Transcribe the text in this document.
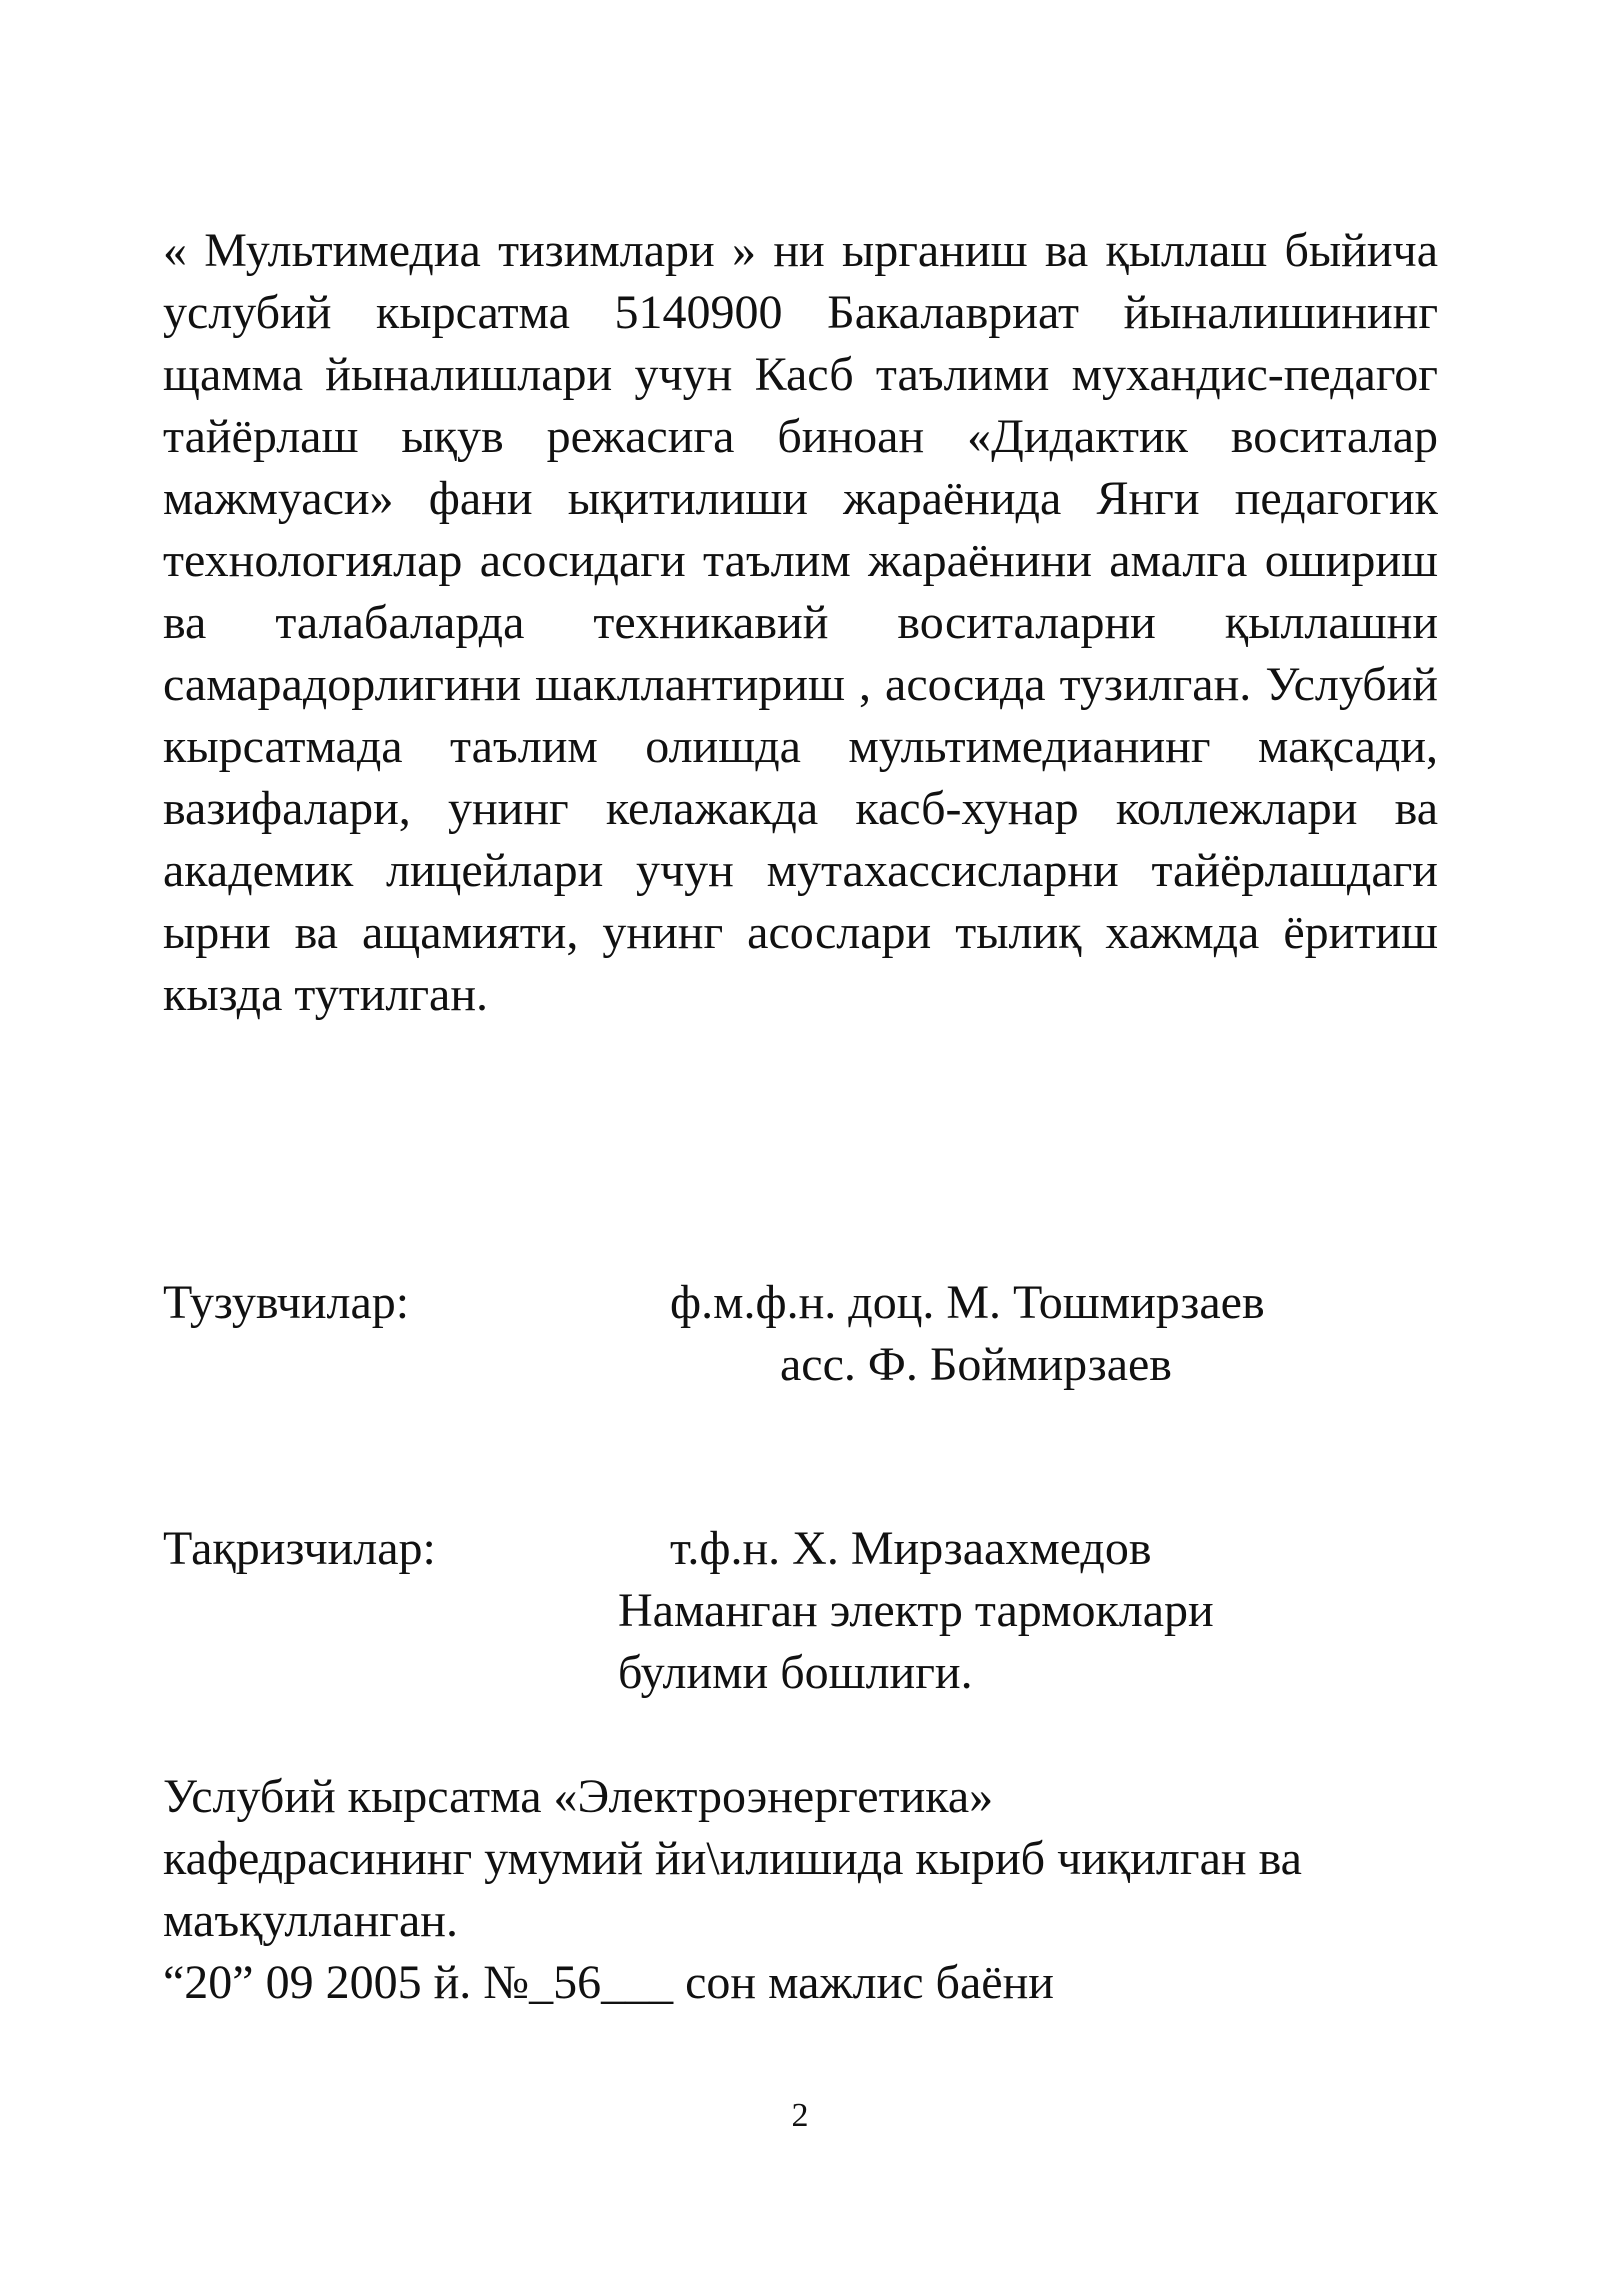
« Мультимедиа тизимлари » ни ырганиш ва қыллаш быйича услубий кырсатма 5140900 Бакалавриат йыналишининг щамма йыналишлари учун Касб таълими мухандис-педагог тайёрлаш ықув режасига биноан «Дидактик воситалар мажмуаси» фани ықитилиши жараёнида Янги педагогик технологиялар асосидаги таълим жараёнини амалга ошириш ва талабаларда техникавий воситаларни қыллашни самарадорлигини шакллантириш , асосида тузилган. Услубий кырсатмада таълим олишда мультимедианинг мақсади, вазифалари, унинг келажакда касб-хунар коллежлари ва академик лицейлари учун мутахассисларни тайёрлашдаги ырни ва ащамияти, унинг асослари тылиқ хажмда ёритиш кызда тутилган.

Тузувчилар:	ф.м.ф.н. доц. М. Тошмирзаев

асс. Ф. Боймирзаев

Тақризчилар:	т.ф.н. Х. Мирзаахмедов

Наманган электр тармоклари

булими бошлиги.

Услубий кырсатма «Электроэнергетика»
кафедрасининг умумий йи\илишида кыриб чиқилган ва
маъқулланган.
“20” 09 2005 й. №_56___ сон мажлис баёни

2
